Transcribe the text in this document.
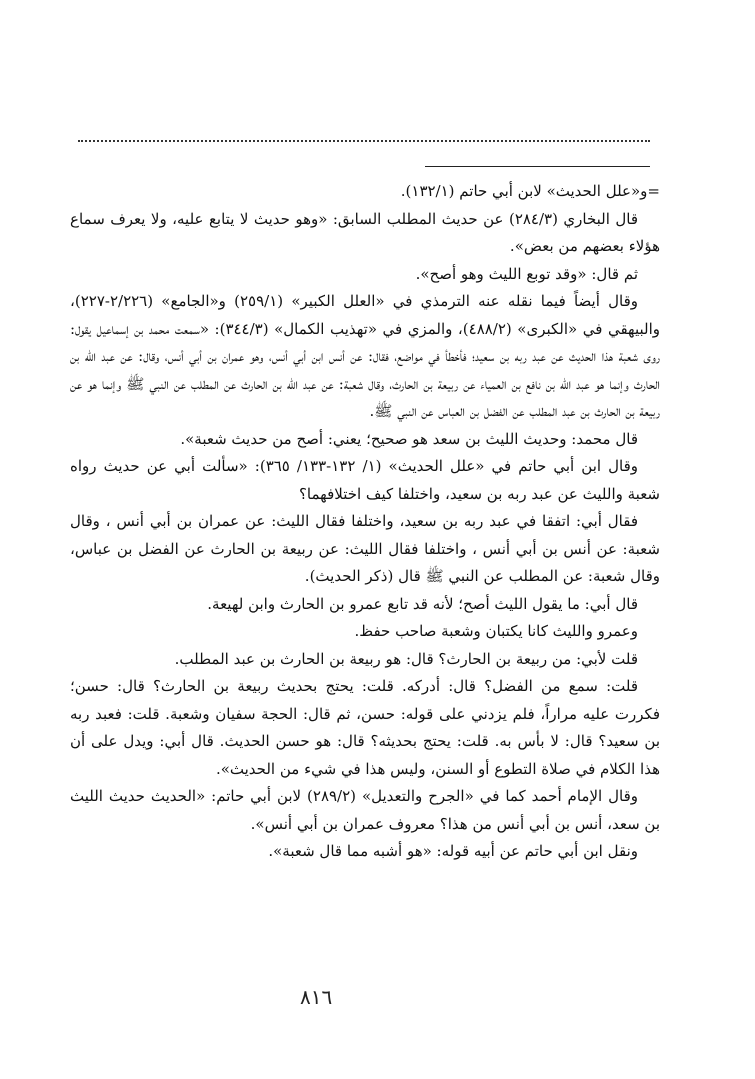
=و«علل الحديث» لابن أبي حاتم (١٣٢/١).

قال البخاري (٢٨٤/٣) عن حديث المطلب السابق: «وهو حديث لا يتابع عليه، ولا يعرف سماع هؤلاء بعضهم من بعض».

ثم قال: «وقد توبع الليث وهو أصح».

وقال أيضاً فيما نقله عنه الترمذي في «العلل الكبير» (٢٥٩/١) و«الجامع» (٢/٢٢٦-٢٢٧)، والبيهقي في «الكبرى» (٤٨٨/٢)، والمزي في «تهذيب الكمال» (٣٤٤/٣): «سمعت محمد بن إسماعيل يقول: روى شعبة هذا الحديث عن عبد ربه بن سعيد؛ فأخطأ في مواضع، فقال: عن أنس ابن أبي أنس، وهو عمران بن أبي أنس، وقال: عن عبد الله بن الحارث وإنما هو عبد الله بن نافع بن العمياء عن ربيعة بن الحارث، وقال شعبة: عن عبد الله بن الحارث عن المطلب عن النبي ﷺ وإنما هو عن ربيعة بن الحارث بن عبد المطلب عن الفضل بن العباس عن النبي ﷺ.

قال محمد: وحديث الليث بن سعد هو صحيح؛ يعني: أصح من حديث شعبة».

وقال ابن أبي حاتم في «علل الحديث» (١/ ١٣٢-١٣٣/ ٣٦٥): «سألت أبي عن حديث رواه شعبة والليث عن عبد ربه بن سعيد، واختلفا كيف اختلافهما؟

فقال أبي: اتفقا في عبد ربه بن سعيد، واختلفا فقال الليث: عن عمران بن أبي أنس ، وقال شعبة: عن أنس بن أبي أنس ، واختلفا فقال الليث: عن ربيعة بن الحارث عن الفضل بن عباس، وقال شعبة: عن المطلب عن النبي ﷺ قال (ذكر الحديث).

قال أبي: ما يقول الليث أصح؛ لأنه قد تابع عمرو بن الحارث وابن لهيعة.

وعمرو والليث كانا يكتبان وشعبة صاحب حفظ.

قلت لأبي: من ربيعة بن الحارث؟ قال: هو ربيعة بن الحارث بن عبد المطلب.

قلت: سمع من الفضل؟ قال: أدركه. قلت: يحتج بحديث ربيعة بن الحارث؟ قال: حسن؛ فكررت عليه مراراً، فلم يزدني على قوله: حسن، ثم قال: الحجة سفيان وشعبة. قلت: فعبد ربه بن سعيد؟ قال: لا بأس به. قلت: يحتج بحديثه؟ قال: هو حسن الحديث. قال أبي: ويدل على أن هذا الكلام في صلاة التطوع أو السنن، وليس هذا في شيء من الحديث».

وقال الإمام أحمد كما في «الجرح والتعديل» (٢٨٩/٢) لابن أبي حاتم: «الحديث حديث الليث بن سعد، أنس بن أبي أنس من هذا؟ معروف عمران بن أبي أنس».

ونقل ابن أبي حاتم عن أبيه قوله: «هو أشبه مما قال شعبة».

٨١٦
